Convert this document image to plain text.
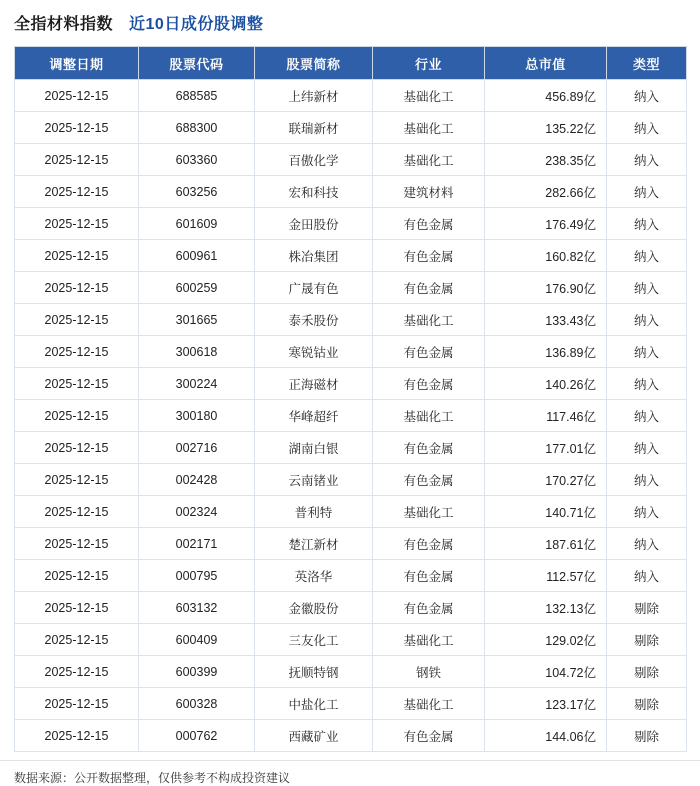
全指材料指数 近10日成份股调整
调整日期	股票代码	股票简称	行业	总市值	类型
2025-12-15	688585	上纬新材	基础化工	456.89亿	纳入
2025-12-15	688300	联瑞新材	基础化工	135.22亿	纳入
2025-12-15	603360	百傲化学	基础化工	238.35亿	纳入
2025-12-15	603256	宏和科技	建筑材料	282.66亿	纳入
2025-12-15	601609	金田股份	有色金属	176.49亿	纳入
2025-12-15	600961	株冶集团	有色金属	160.82亿	纳入
2025-12-15	600259	广晟有色	有色金属	176.90亿	纳入
2025-12-15	301665	泰禾股份	基础化工	133.43亿	纳入
2025-12-15	300618	寒锐钴业	有色金属	136.89亿	纳入
2025-12-15	300224	正海磁材	有色金属	140.26亿	纳入
2025-12-15	300180	华峰超纤	基础化工	117.46亿	纳入
2025-12-15	002716	湖南白银	有色金属	177.01亿	纳入
2025-12-15	002428	云南锗业	有色金属	170.27亿	纳入
2025-12-15	002324	普利特	基础化工	140.71亿	纳入
2025-12-15	002171	楚江新材	有色金属	187.61亿	纳入
2025-12-15	000795	英洛华	有色金属	112.57亿	纳入
2025-12-15	603132	金徽股份	有色金属	132.13亿	剔除
2025-12-15	600409	三友化工	基础化工	129.02亿	剔除
2025-12-15	600399	抚顺特钢	钢铁	104.72亿	剔除
2025-12-15	600328	中盐化工	基础化工	123.17亿	剔除
2025-12-15	000762	西藏矿业	有色金属	144.06亿	剔除
数据来源：公开数据整理，仅供参考不构成投资建议
